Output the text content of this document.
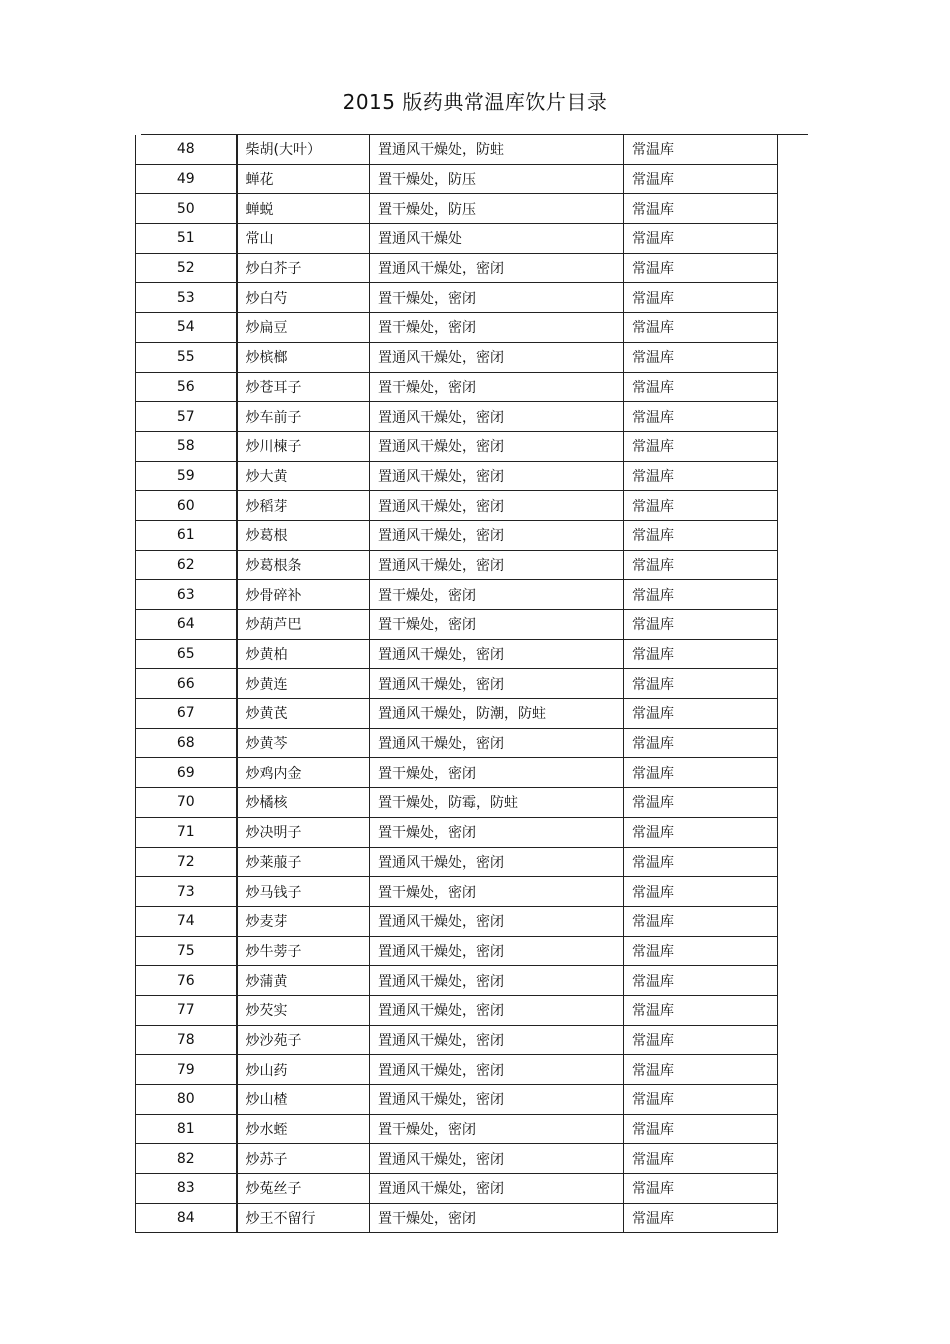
2015 版药典常温库饮片目录
48	柴胡(大叶）	置通风干燥处，防蛀	常温库
49	蝉花	置干燥处，防压	常温库
50	蝉蜕	置干燥处，防压	常温库
51	常山	置通风干燥处	常温库
52	炒白芥子	置通风干燥处，密闭	常温库
53	炒白芍	置干燥处，密闭	常温库
54	炒扁豆	置干燥处，密闭	常温库
55	炒槟榔	置通风干燥处，密闭	常温库
56	炒苍耳子	置干燥处，密闭	常温库
57	炒车前子	置通风干燥处，密闭	常温库
58	炒川楝子	置通风干燥处，密闭	常温库
59	炒大黄	置通风干燥处，密闭	常温库
60	炒稻芽	置通风干燥处，密闭	常温库
61	炒葛根	置通风干燥处，密闭	常温库
62	炒葛根条	置通风干燥处，密闭	常温库
63	炒骨碎补	置干燥处，密闭	常温库
64	炒葫芦巴	置干燥处，密闭	常温库
65	炒黄柏	置通风干燥处，密闭	常温库
66	炒黄连	置通风干燥处，密闭	常温库
67	炒黄芪	置通风干燥处，防潮，防蛀	常温库
68	炒黄芩	置通风干燥处，密闭	常温库
69	炒鸡内金	置干燥处，密闭	常温库
70	炒橘核	置干燥处，防霉，防蛀	常温库
71	炒决明子	置干燥处，密闭	常温库
72	炒莱菔子	置通风干燥处，密闭	常温库
73	炒马钱子	置干燥处，密闭	常温库
74	炒麦芽	置通风干燥处，密闭	常温库
75	炒牛蒡子	置通风干燥处，密闭	常温库
76	炒蒲黄	置通风干燥处，密闭	常温库
77	炒芡实	置通风干燥处，密闭	常温库
78	炒沙苑子	置通风干燥处，密闭	常温库
79	炒山药	置通风干燥处，密闭	常温库
80	炒山楂	置通风干燥处，密闭	常温库
81	炒水蛭	置干燥处，密闭	常温库
82	炒苏子	置通风干燥处，密闭	常温库
83	炒菟丝子	置通风干燥处，密闭	常温库
84	炒王不留行	置干燥处，密闭	常温库
